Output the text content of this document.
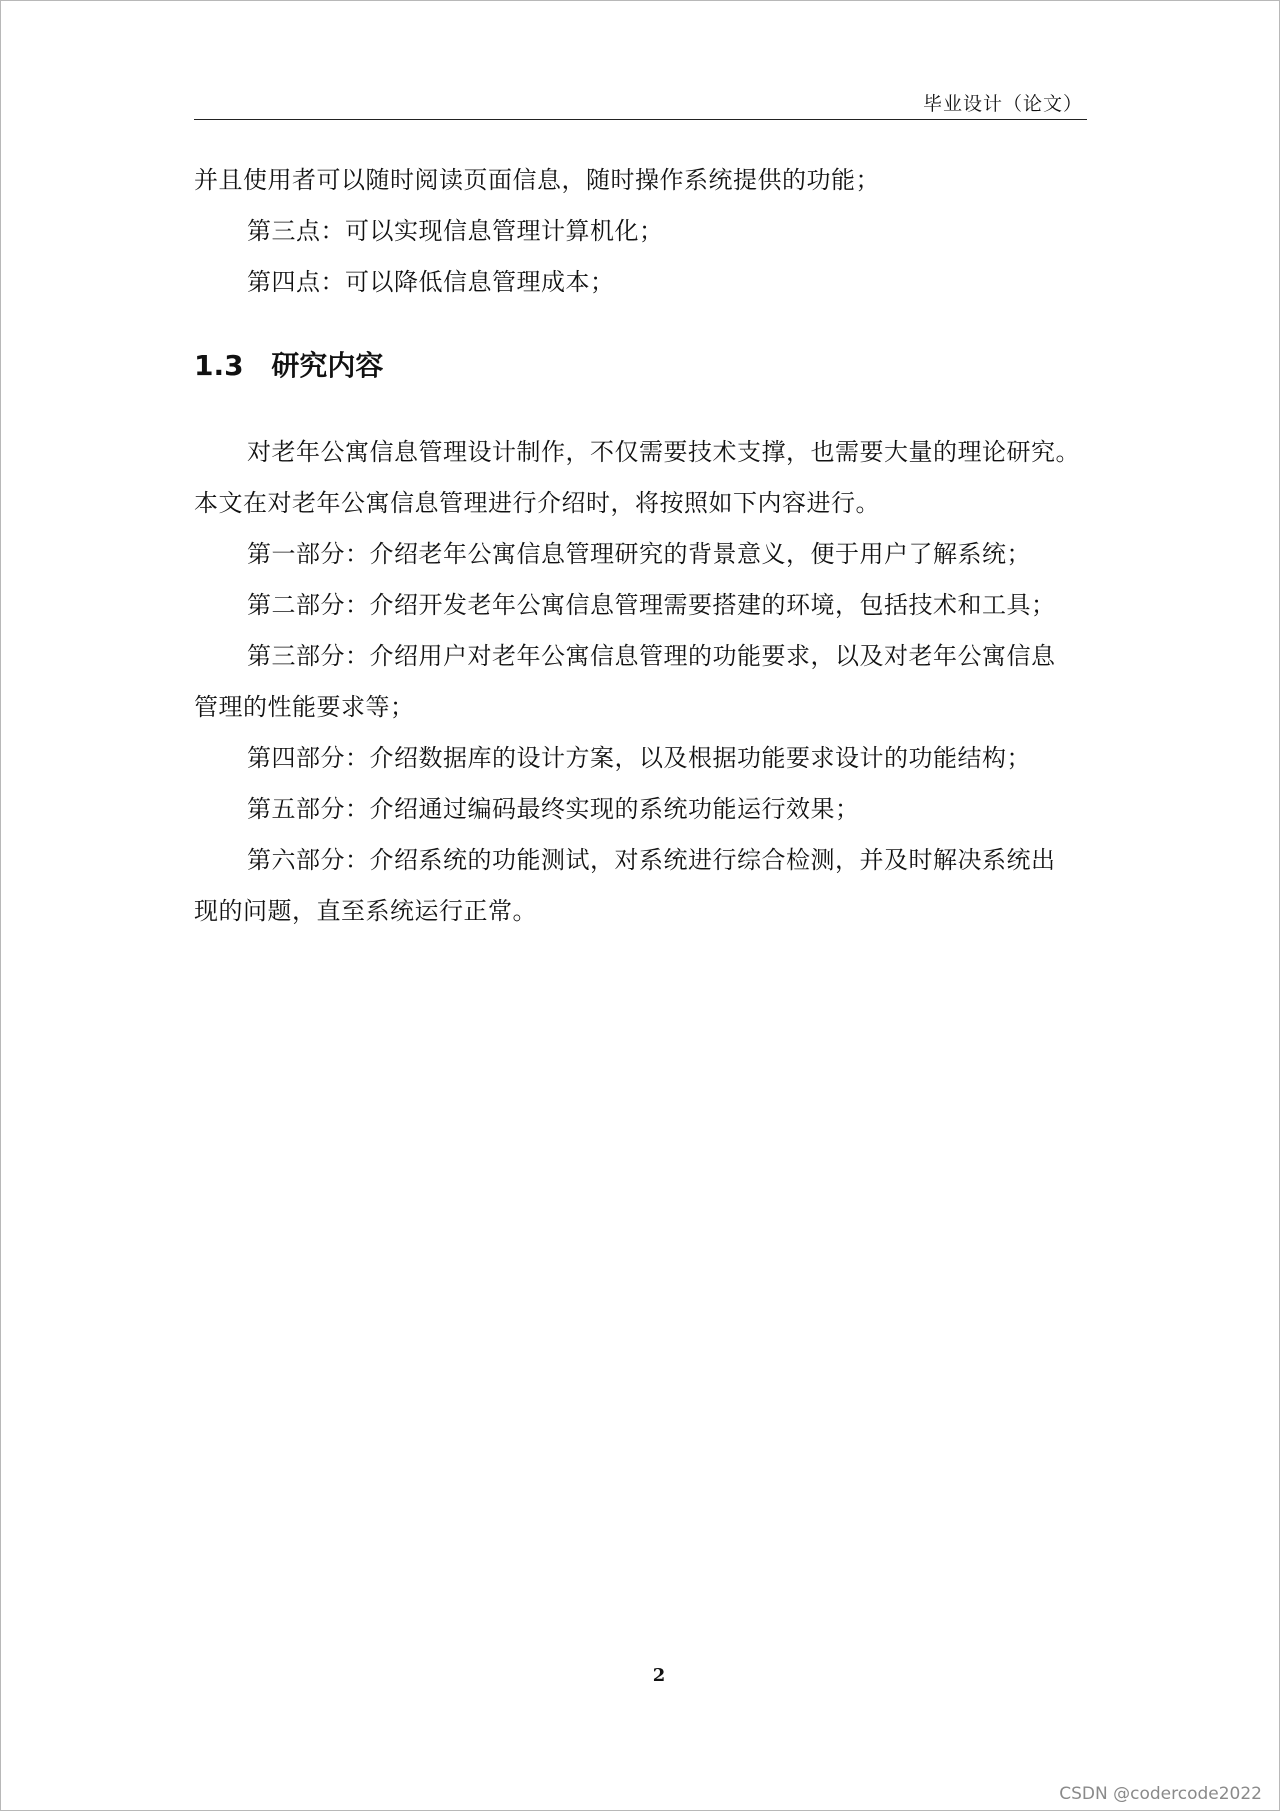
毕业设计（论文）
并且使用者可以随时阅读页面信息，随时操作系统提供的功能；
第三点：可以实现信息管理计算机化；
第四点：可以降低信息管理成本；
1.3 研究内容
对老年公寓信息管理设计制作，不仅需要技术支撑，也需要大量的理论研究。
本文在对老年公寓信息管理进行介绍时，将按照如下内容进行。
第一部分：介绍老年公寓信息管理研究的背景意义，便于用户了解系统；
第二部分：介绍开发老年公寓信息管理需要搭建的环境，包括技术和工具；
第三部分：介绍用户对老年公寓信息管理的功能要求，以及对老年公寓信息
管理的性能要求等；
第四部分：介绍数据库的设计方案，以及根据功能要求设计的功能结构；
第五部分：介绍通过编码最终实现的系统功能运行效果；
第六部分：介绍系统的功能测试，对系统进行综合检测，并及时解决系统出
现的问题，直至系统运行正常。
2
CSDN @codercode2022
